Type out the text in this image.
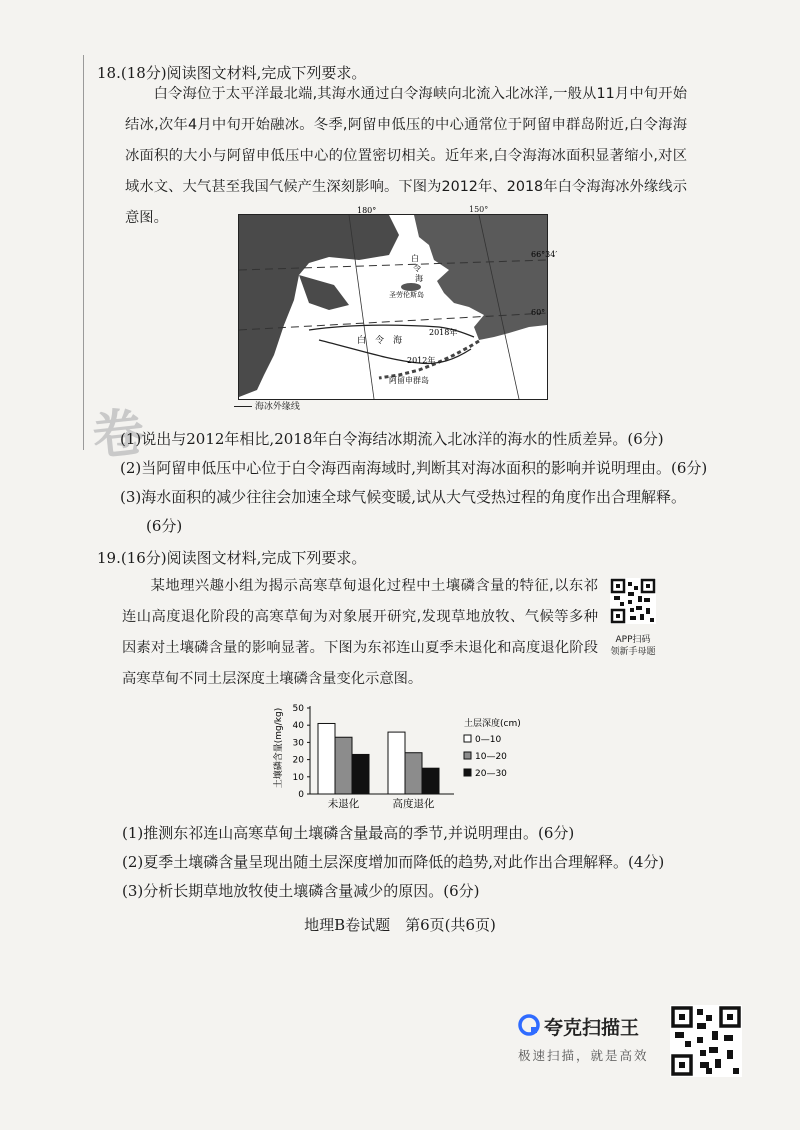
18.(18分)阅读图文材料,完成下列要求。
白令海位于太平洋最北端,其海水通过白令海峡向北流入北冰洋,一般从11月中旬开始结冰,次年4月中旬开始融冰。冬季,阿留申低压的中心通常位于阿留申群岛附近,白令海海冰面积的大小与阿留申低压中心的位置密切相关。近年来,白令海海冰面积显著缩小,对区域水文、大气甚至我国气候产生深刻影响。下图为2012年、2018年白令海海冰外缘线示意图。	180°
66°34′
60°
白
令
海
圣劳伦斯岛
2018年
2012年
白　令　海
阿留申群岛
150°
海冰外缘线
卷
(1)说出与2012年相比,2018年白令海结冰期流入北冰洋的海水的性质差异。(6分)
(2)当阿留申低压中心位于白令海西南海域时,判断其对海冰面积的影响并说明理由。(6分)
(3)海水面积的减少往往会加速全球气候变暖,试从大气受热过程的角度作出合理解释。
(6分)
19.(16分)阅读图文材料,完成下列要求。
某地理兴趣小组为揭示高寒草甸退化过程中土壤磷含量的特征,以东祁连山高度退化阶段的高寒草甸为对象展开研究,发现草地放牧、气候等多种因素对土壤磷含量的影响显著。下图为东祁连山夏季未退化和高度退化阶段高寒草甸不同土层深度土壤磷含量变化示意图。
APP扫码
领新手母题
0
10
20
30
40
50
土壤磷含量(mg/kg)
未退化	高度退化
土层深度(cm)
0—10
10—20
20—30
(1)推测东祁连山高寒草甸土壤磷含量最高的季节,并说明理由。(6分)
(2)夏季土壤磷含量呈现出随土层深度增加而降低的趋势,对此作出合理解释。(4分)
(3)分析长期草地放牧使土壤磷含量减少的原因。(6分)
地理B卷试题　第6页(共6页)
夸克扫描王
极速扫描，就是高效
